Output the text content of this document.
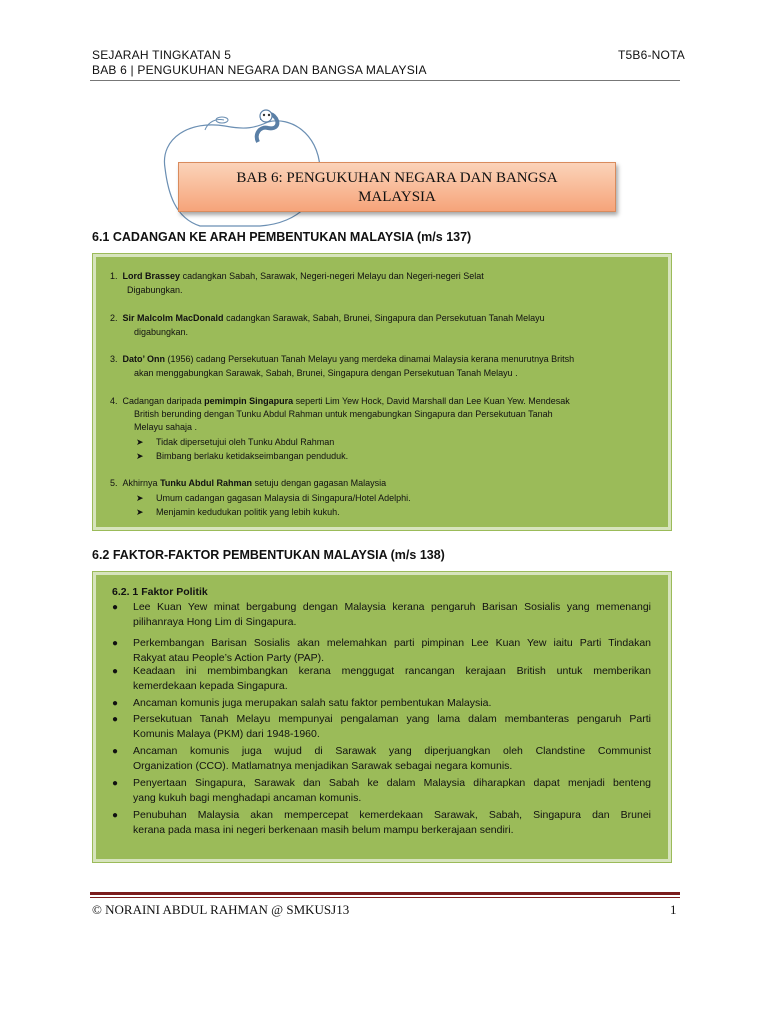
SEJARAH TINGKATAN 5	T5B6-NOTA
BAB 6 | PENGUKUHAN NEGARA DAN BANGSA MALAYSIA
BAB 6: PENGUKUHAN NEGARA DAN BANGSA
MALAYSIA
6.1 CADANGAN KE ARAH PEMBENTUKAN MALAYSIA (m/s 137)
1. Lord Brassey cadangkan Sabah, Sarawak, Negeri-negeri Melayu dan Negeri-negeri Selat
Digabungkan.
2. Sir Malcolm MacDonald cadangkan Sarawak, Sabah, Brunei, Singapura dan Persekutuan Tanah Melayu
digabungkan.
3. Dato’ Onn (1956) cadang Persekutuan Tanah Melayu yang merdeka dinamai Malaysia kerana menurutnya Britsh
akan menggabungkan Sarawak, Sabah, Brunei, Singapura dengan Persekutuan Tanah Melayu .
4. Cadangan daripada pemimpin Singapura seperti Lim Yew Hock, David Marshall dan Lee Kuan Yew. Mendesak
British berunding dengan Tunku Abdul Rahman untuk mengabungkan Singapura dan Persekutuan Tanah
Melayu sahaja .
➤ Tidak dipersetujui oleh Tunku Abdul Rahman
➤ Bimbang berlaku ketidakseimbangan penduduk.
5. Akhirnya Tunku Abdul Rahman setuju dengan gagasan Malaysia
➤ Umum cadangan gagasan Malaysia di Singapura/Hotel Adelphi.
➤ Menjamin kedudukan politik yang lebih kukuh.
6.2 FAKTOR-FAKTOR PEMBENTUKAN MALAYSIA (m/s 138)
6.2. 1 Faktor Politik
● Lee Kuan Yew minat bergabung dengan Malaysia kerana pengaruh Barisan Sosialis yang memenangi
pilihanraya Hong Lim di Singapura.
● Perkembangan Barisan Sosialis akan melemahkan parti pimpinan Lee Kuan Yew iaitu Parti Tindakan
Rakyat atau People’s Action Party (PAP).
● Keadaan ini membimbangkan kerana menggugat rancangan kerajaan British untuk memberikan
kemerdekaan kepada Singapura.
● Ancaman komunis juga merupakan salah satu faktor pembentukan Malaysia.
● Persekutuan Tanah Melayu mempunyai pengalaman yang lama dalam membanteras pengaruh Parti
Komunis Malaya (PKM) dari 1948-1960.
● Ancaman komunis juga wujud di Sarawak yang diperjuangkan oleh Clandstine Communist
Organization (CCO). Matlamatnya menjadikan Sarawak sebagai negara komunis.
● Penyertaan Singapura, Sarawak dan Sabah ke dalam Malaysia diharapkan dapat menjadi benteng
yang kukuh bagi menghadapi ancaman komunis.
● Penubuhan Malaysia akan mempercepat kemerdekaan Sarawak, Sabah, Singapura dan Brunei
kerana pada masa ini negeri berkenaan masih belum mampu berkerajaan sendiri.
© NORAINI ABDUL RAHMAN @ SMKUSJ13	1
